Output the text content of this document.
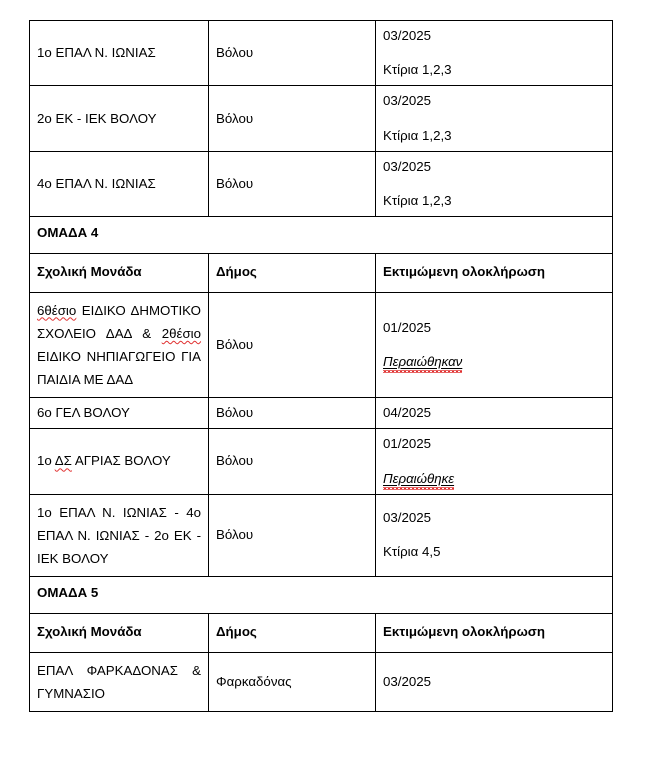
1ο ΕΠΑΛ Ν. ΙΩΝΙΑΣ	Βόλου	03/2025

Κτίρια 1,2,3

2ο ΕΚ - ΙΕΚ ΒΟΛΟΥ	Βόλου	03/2025

Κτίρια 1,2,3

4ο ΕΠΑΛ Ν. ΙΩΝΙΑΣ	Βόλου	03/2025

Κτίρια 1,2,3

ΟΜΑΔΑ 4		

Σχολική Μονάδα	Δήμος	Εκτιμώμενη ολοκλήρωση

6θέσιο ΕΙΔΙΚΟ ΔΗΜΟΤΙΚΟ ΣΧΟΛΕΙΟ ΔΑΔ & 2θέσιο ΕΙΔΙΚΟ ΝΗΠΙΑΓΩΓΕΙΟ ΓΙΑ ΠΑΙΔΙΑ ΜΕ ΔΑΔ	Βόλου	01/2025

Περαιώθηκαν

6ο ΓΕΛ ΒΟΛΟΥ	Βόλου	04/2025

1ο ΔΣ ΑΓΡΙΑΣ ΒΟΛΟΥ	Βόλου	01/2025

Περαιώθηκε

1ο ΕΠΑΛ Ν. ΙΩΝΙΑΣ - 4ο ΕΠΑΛ Ν. ΙΩΝΙΑΣ - 2ο ΕΚ - ΙΕΚ ΒΟΛΟΥ	Βόλου	03/2025

Κτίρια 4,5

ΟΜΑΔΑ 5		

Σχολική Μονάδα	Δήμος	Εκτιμώμενη ολοκλήρωση

ΕΠΑΛ ΦΑΡΚΑΔΟΝΑΣ & ΓΥΜΝΑΣΙΟ	Φαρκαδόνας	03/2025
